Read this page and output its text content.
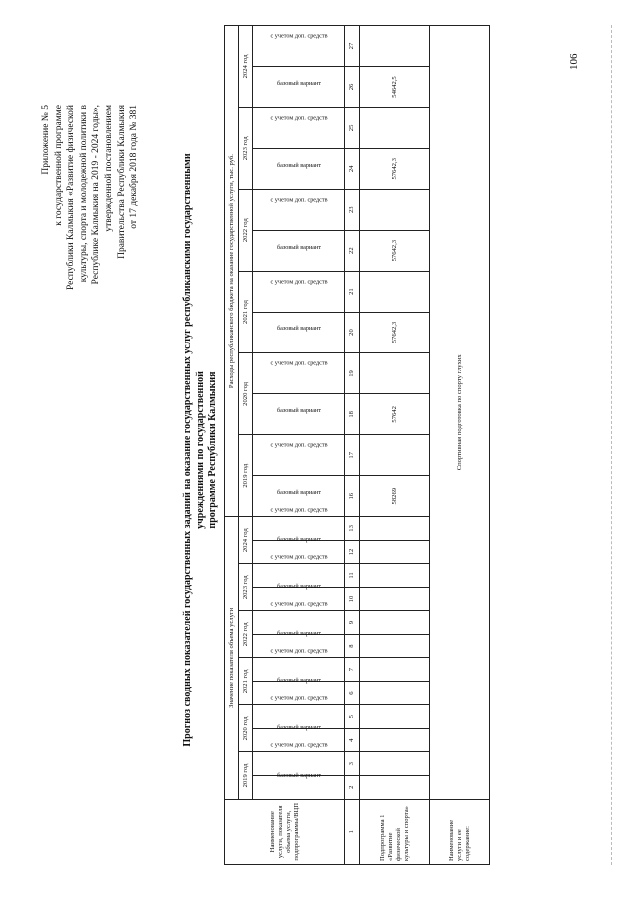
Приложение № 5 к государственной программе Республики Калмыкия «Развитие физической культуры, спорта и молодежной политики в Республике Калмыкия на 2019 - 2024 годы», утвержденной постановлением Правительства Республики Калмыкия от 17 декабря 2018 года № 381	Прогноз сводных показателей государственных заданий на оказание государственных услуг республиканскими государственными учреждениями по государственной программе Республики Калмыкия
Наименование услуги, показателя объема услуги, подпрограммы/ВЦП	Значение показателя объема услуги												Расходы республиканского бюджета на оказание государственной услуги, тыс. руб.											
	2019 год		2020 год		2021 год		2022 год		2023 год		2024 год		2019 год		2020 год		2021 год		2022 год		2023 год		2024 год	
	базовый вариант	с учетом доп. средств	базовый вариант	с учетом доп. средств	базовый вариант	с учетом доп. средств	базовый вариант	с учетом доп. средств	базовый вариант	с учетом доп. средств	базовый вариант	с учетом доп. средств	базовый вариант	с учетом доп. средств	базовый вариант	с учетом доп. средств	базовый вариант	с учетом доп. средств	базовый вариант	с учетом доп. средств	базовый вариант	с учетом доп. средств	базовый вариант	с учетом доп. средств
1	2	3	4	5	6	7	8	9	10	11	12	13	16	17	18	19	20	21	22	23	24	25	26	27
Подпрограмма 1 «Развитие физической культуры и спорта»													58269		57642		57642,3		57642,3		57642,3		54642,5	
Наименование услуги и ее содержание:	Спортивная подготовка по спорту глухих																							
106
